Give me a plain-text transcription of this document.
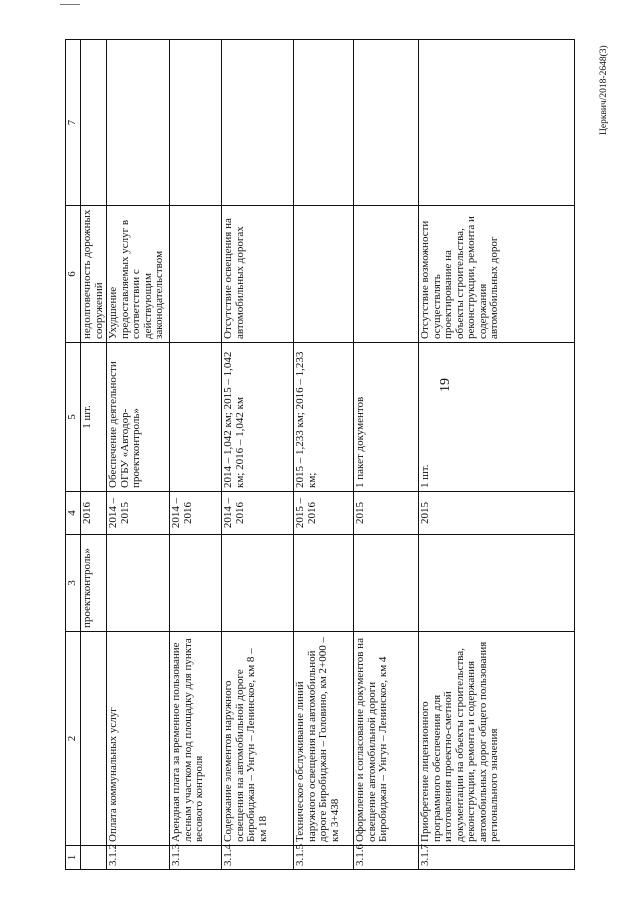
19
Церквич/2018-2648(3)
1	2	3	4	5	6	7
		проектконтроль»	2016	1 шт.	недолговечность дорожных сооружений	
3.1.2	Оплата коммунальных услуг		2014 – 2015	Обеспечение деятельности ОГБУ «Автодор-проектконтроль»	Ухудшение предоставляемых услуг в соответствии с действующим законодательством	
3.1.3	Арендная плата за временное пользование лесным участком под площадку для пункта весового контроля		2014 – 2016			
3.1.4	Содержание элементов наружного освещения на автомобильной дороге Биробиджан – Унгун – Ленинское, км 8 – км 18		2014 – 2016	2014 – 1,042 км; 2015 – 1,042 км; 2016 – 1,042 км	Отсутствие освещения на автомобильных дорогах	
3.1.5	Техническое обслуживание линий наружного освещения на автомобильной дороге Биробиджан – Головино, км 2+000 – км 3+438		2015 – 2016	2015 – 1,233 км; 2016 – 1,233 км;		
3.1.6	Оформление и согласование документов на освещение автомобильной дороги Биробиджан – Унгун – Ленинское, км 4		2015	1 пакет документов		
3.1.7	Приобретение лицензионного программного обеспечения для изготовления проектно-сметной документации на объекты строительства, реконструкции, ремонта и содержания автомобильных дорог общего пользования регионального значения		2015	1 шт.	Отсутствие возможности осуществлять проектирование на объекты строительства, реконструкции, ремонта и содержания автомобильных дорог	
